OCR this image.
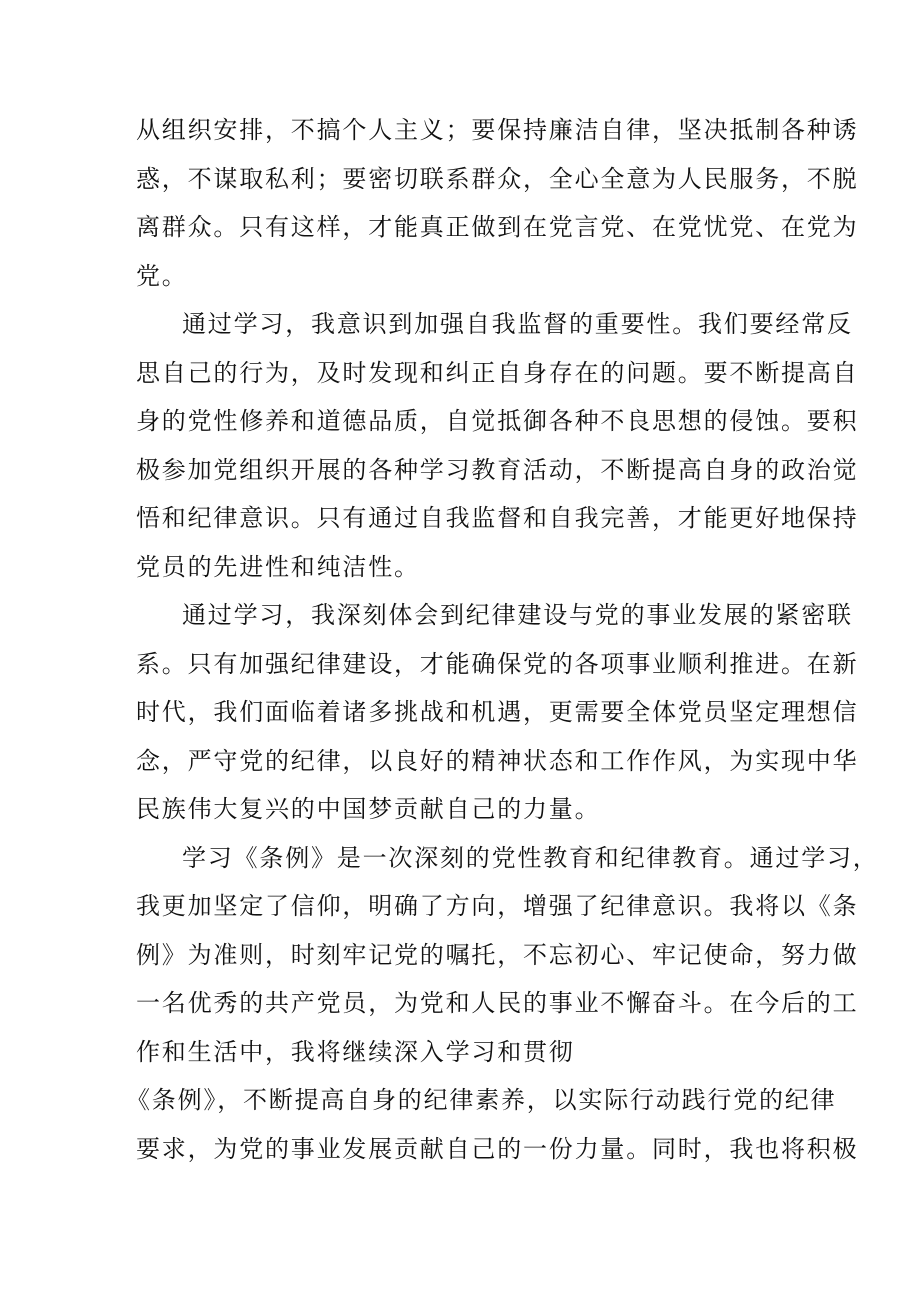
从组织安排，不搞个人主义；要保持廉洁自律，坚决抵制各种诱
惑，不谋取私利；要密切联系群众，全心全意为人民服务，不脱
离群众。只有这样，才能真正做到在党言党、在党忧党、在党为
党。
通过学习，我意识到加强自我监督的重要性。我们要经常反
思自己的行为，及时发现和纠正自身存在的问题。要不断提高自
身的党性修养和道德品质，自觉抵御各种不良思想的侵蚀。要积
极参加党组织开展的各种学习教育活动，不断提高自身的政治觉
悟和纪律意识。只有通过自我监督和自我完善，才能更好地保持
党员的先进性和纯洁性。
通过学习，我深刻体会到纪律建设与党的事业发展的紧密联
系。只有加强纪律建设，才能确保党的各项事业顺利推进。在新
时代，我们面临着诸多挑战和机遇，更需要全体党员坚定理想信
念，严守党的纪律，以良好的精神状态和工作作风，为实现中华
民族伟大复兴的中国梦贡献自己的力量。
学习《条例》是一次深刻的党性教育和纪律教育。通过学习，
我更加坚定了信仰，明确了方向，增强了纪律意识。我将以《条
例》为准则，时刻牢记党的嘱托，不忘初心、牢记使命，努力做
一名优秀的共产党员，为党和人民的事业不懈奋斗。在今后的工
作和生活中，我将继续深入学习和贯彻
《条例》，不断提高自身的纪律素养，以实际行动践行党的纪律
要求，为党的事业发展贡献自己的一份力量。同时，我也将积极
